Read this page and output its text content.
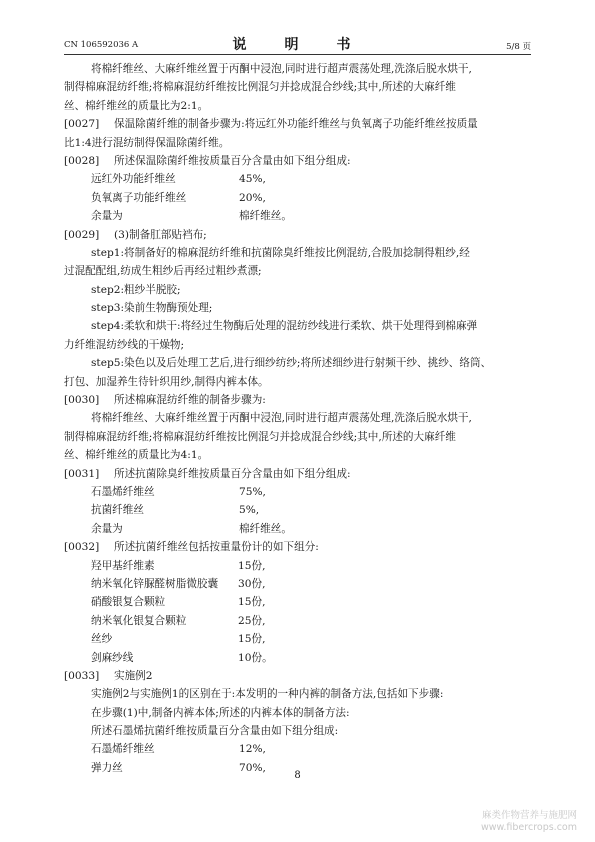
CN 106592036 A	说　明　书	5/8 页
将棉纤维丝、大麻纤维丝置于丙酮中浸泡,同时进行超声震荡处理,洗涤后脱水烘干,
制得棉麻混纺纤维;将棉麻混纺纤维按比例混匀并捻成混合纱线;其中,所述的大麻纤维
丝、棉纤维丝的质量比为2:1。
[0027] 保温除菌纤维的制备步骤为:将远红外功能纤维丝与负氧离子功能纤维丝按质量
比1:4进行混纺制得保温除菌纤维。
[0028] 所述保温除菌纤维按质量百分含量由如下组分组成:
远红外功能纤维丝	45%,
负氧离子功能纤维丝	20%,
余量为	棉纤维丝。
[0029] (3)制备肛部贴裆布;
step1:将制备好的棉麻混纺纤维和抗菌除臭纤维按比例混纺,合股加捻制得粗纱,经
过混配配组,纺成生粗纱后再经过粗纱煮漂;
step2:粗纱半脱胶;
step3:染前生物酶预处理;
step4:柔软和烘干:将经过生物酶后处理的混纺纱线进行柔软、烘干处理得到棉麻弹
力纤维混纺纱线的干燥物;
step5:染色以及后处理工艺后,进行细纱纺纱;将所述细纱进行射频干纱、挑纱、络筒、
打包、加湿养生待针织用纱,制得内裤本体。
[0030] 所述棉麻混纺纤维的制备步骤为:
将棉纤维丝、大麻纤维丝置于丙酮中浸泡,同时进行超声震荡处理,洗涤后脱水烘干,
制得棉麻混纺纤维;将棉麻混纺纤维按比例混匀并捻成混合纱线;其中,所述的大麻纤维
丝、棉纤维丝的质量比为4:1。
[0031] 所述抗菌除臭纤维按质量百分含量由如下组分组成:
石墨烯纤维丝	75%,
抗菌纤维丝	5%,
余量为	棉纤维丝。
[0032] 所述抗菌纤维丝包括按重量份计的如下组分:
羟甲基纤维素	15份,
纳米氧化锌脲醛树脂微胶囊 30份,
硝酸银复合颗粒	15份,
纳米氧化银复合颗粒	25份,
丝纱	15份,
剑麻纱线	10份。
[0033] 实施例2
实施例2与实施例1的区别在于:本发明的一种内裤的制备方法,包括如下步骤:
在步骤(1)中,制备内裤本体;所述的内裤本体的制备方法:
所述石墨烯抗菌纤维按质量百分含量由如下组分组成:
石墨烯纤维丝	12%,
弹力丝	70%,
8
麻类作物营养与施肥网
www.fibercrops.com
